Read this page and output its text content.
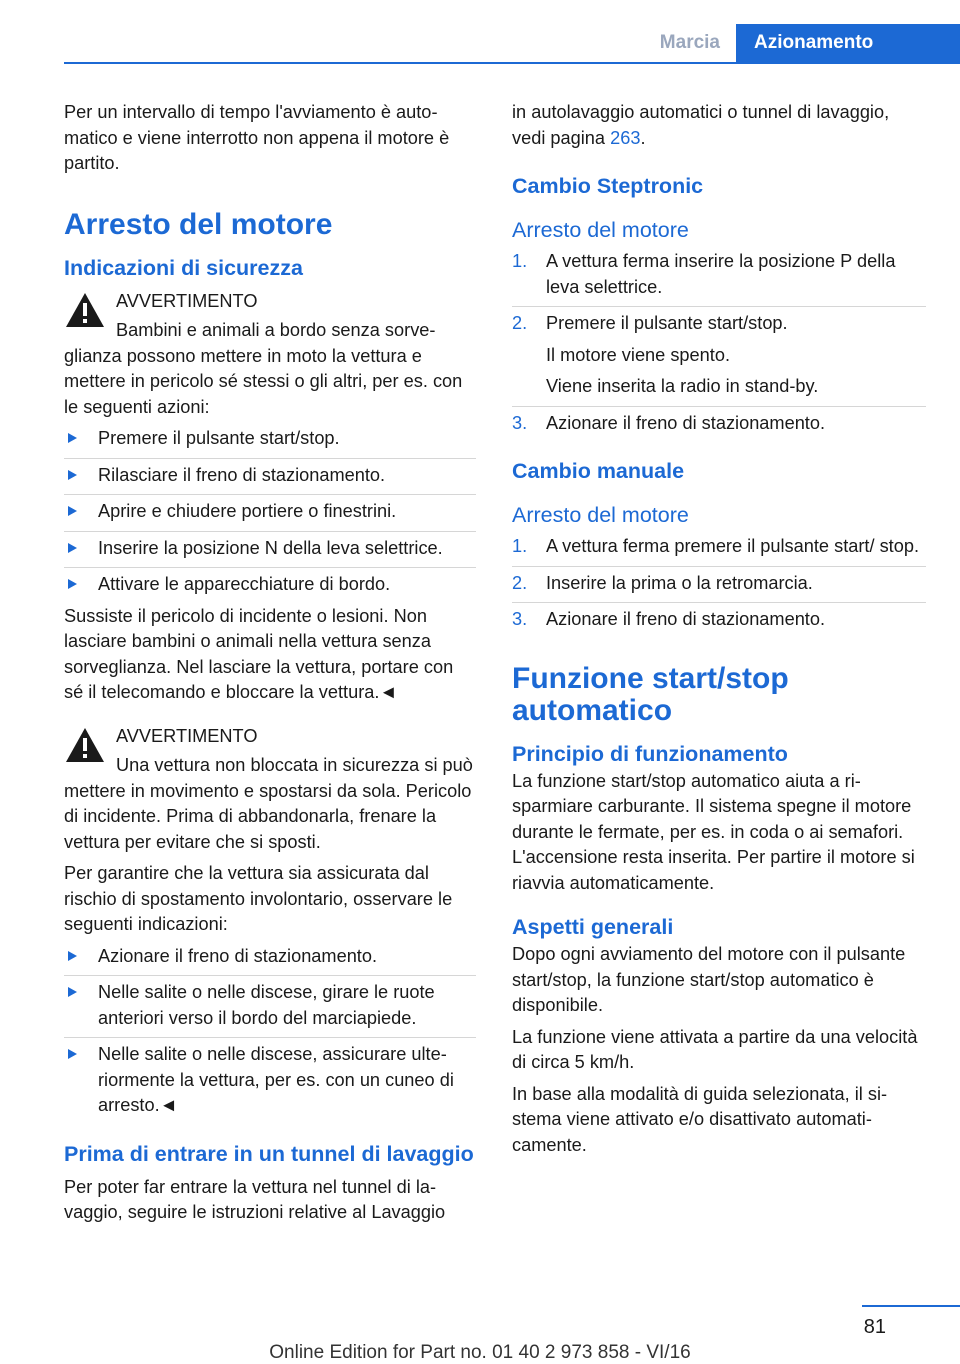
Marcia	Azionamento

Per un intervallo di tempo l'avviamento è automatico e viene interrotto non appena il motore è partito.

Arresto del motore
Indicazioni di sicurezza
AVVERTIMENTO
Bambini e animali a bordo senza sorveglianza possono mettere in moto la vettura e mettere in pericolo sé stessi o gli altri, per es. con le seguenti azioni:
Premere il pulsante start/stop.
Rilasciare il freno di stazionamento.
Aprire e chiudere portiere o finestrini.
Inserire la posizione N della leva selettrice.
Attivare le apparecchiature di bordo.

Sussiste il pericolo di incidente o lesioni. Non lasciare bambini o animali nella vettura senza sorveglianza. Nel lasciare la vettura, portare con sé il telecomando e bloccare la vettura.◄

AVVERTIMENTO
Una vettura non bloccata in sicurezza si può mettere in movimento e spostarsi da sola. Pericolo di incidente. Prima di abbandonarla, frenare la vettura per evitare che si sposti.

Per garantire che la vettura sia assicurata dal rischio di spostamento involontario, osservare le seguenti indicazioni:

Azionare il freno di stazionamento.
Nelle salite o nelle discese, girare le ruote anteriori verso il bordo del marciapiede.
Nelle salite o nelle discese, assicurare ulteriormente la vettura, per es. con un cuneo di arresto.◄
Prima di entrare in un tunnel di lavaggio

Per poter far entrare la vettura nel tunnel di lavaggio, seguire le istruzioni relative al Lavaggio

in autolavaggio automatici o tunnel di lavaggio, vedi pagina 263.

Cambio Steptronic
Arresto del motore
1. A vettura ferma inserire la posizione P della leva selettrice.
2. Premere il pulsante start/stop.
Il motore viene spento.
Viene inserita la radio in stand-by.
3. Azionare il freno di stazionamento.
Cambio manuale
Arresto del motore
1. A vettura ferma premere il pulsante start/ stop.
2. Inserire la prima o la retromarcia.
3. Azionare il freno di stazionamento.
Funzione start/stop automatico
Principio di funzionamento

La funzione start/stop automatico aiuta a risparmiare carburante. Il sistema spegne il motore durante le fermate, per es. in coda o ai semafori. L'accensione resta inserita. Per partire il motore si riavvia automaticamente.

Aspetti generali

Dopo ogni avviamento del motore con il pulsante start/stop, la funzione start/stop automatico è disponibile.

La funzione viene attivata a partire da una velocità di circa 5 km/h.

In base alla modalità di guida selezionata, il sistema viene attivato e/o disattivato automaticamente.

81
Online Edition for Part no. 01 40 2 973 858 - VI/16
